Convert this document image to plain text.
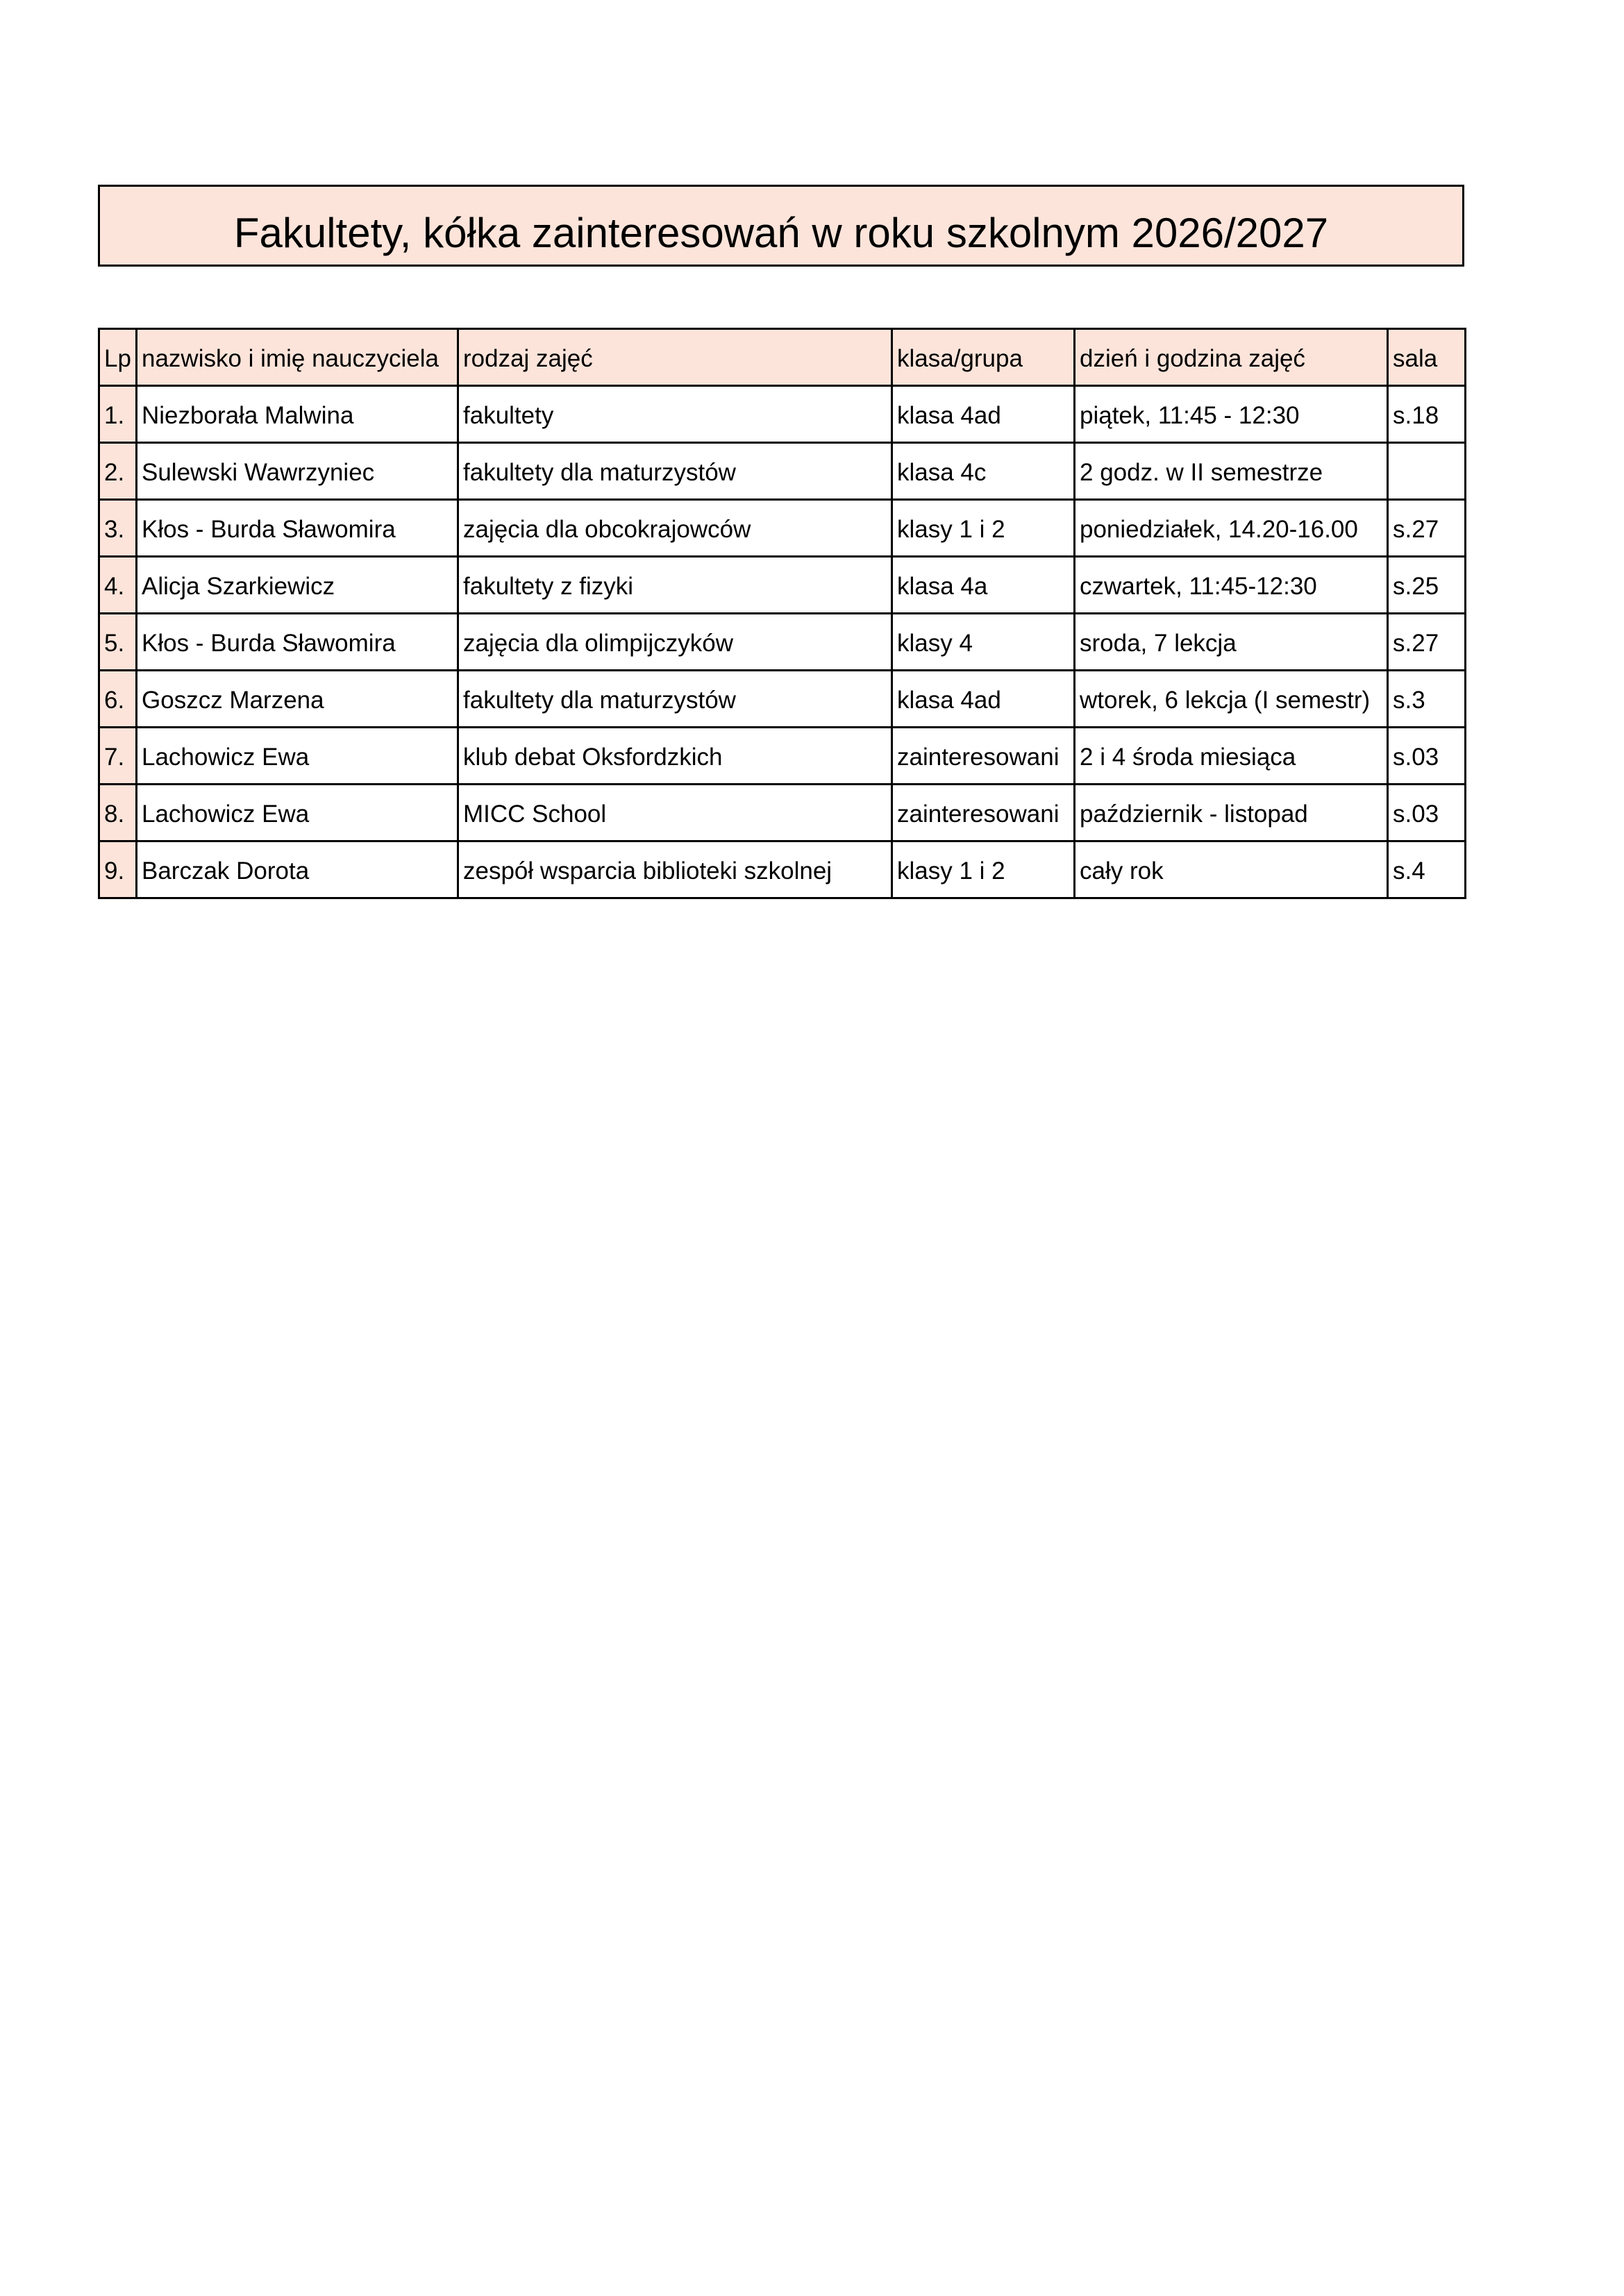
Fakultety, kółka zainteresowań w roku szkolnym 2026/2027
Lp	nazwisko i imię nauczyciela	rodzaj zajęć	klasa/grupa	dzień i godzina zajęć	sala
1.	Niezborała Malwina	fakultety	klasa 4ad	piątek, 11:45 - 12:30	s.18
2.	Sulewski Wawrzyniec	fakultety dla maturzystów	klasa 4c	2 godz. w II semestrze	
3.	Kłos - Burda Sławomira	zajęcia dla obcokrajowców	klasy 1 i 2	poniedziałek, 14.20-16.00	s.27
4.	Alicja Szarkiewicz	fakultety z fizyki	klasa 4a	czwartek, 11:45-12:30	s.25
5.	Kłos - Burda Sławomira	zajęcia dla olimpijczyków	klasy 4	sroda, 7 lekcja	s.27
6.	Goszcz Marzena	fakultety dla maturzystów	klasa 4ad	wtorek, 6 lekcja (I semestr)	s.3
7.	Lachowicz Ewa	klub debat Oksfordzkich	zainteresowani	2 i 4 środa miesiąca	s.03
8.	Lachowicz Ewa	MICC School	zainteresowani	październik - listopad	s.03
9.	Barczak Dorota	zespół wsparcia biblioteki szkolnej	klasy 1 i 2	cały rok	s.4
